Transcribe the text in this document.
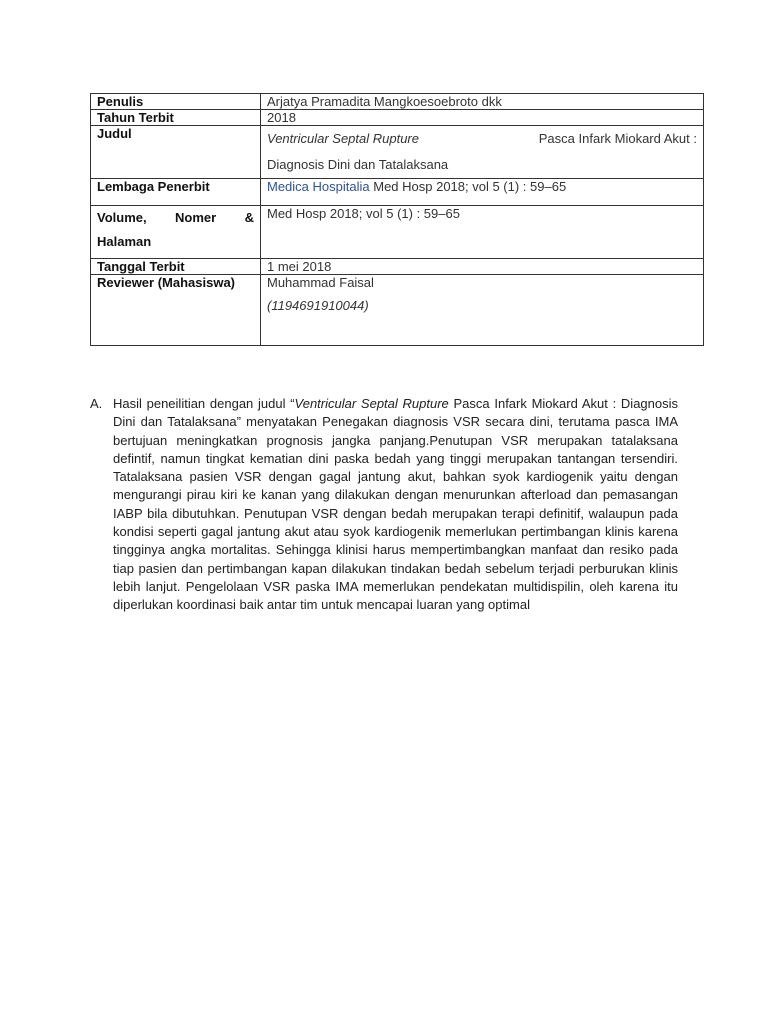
Penulis	Arjatya Pramadita Mangkoesoebroto dkk
Tahun Terbit	2018
Judul	Ventricular Septal Rupture Pasca Infark Miokard Akut :
Diagnosis Dini dan Tatalaksana

Lembaga Penerbit	Medica Hospitalia Med Hosp 2018; vol 5 (1) : 59–65

Volume, Nomer &
Halaman	Med Hosp 2018; vol 5 (1) : 59–65
Tanggal Terbit	1 mei 2018
Reviewer (Mahasiswa)	Muhammad Faisal
(1194691910044)
A. Hasil peneilitian dengan judul “Ventricular Septal Rupture Pasca Infark Miokard Akut : Diagnosis Dini dan Tatalaksana” menyatakan Penegakan diagnosis VSR secara dini, terutama pasca IMA bertujuan meningkatkan prognosis jangka panjang.Penutupan VSR merupakan tatalaksana defintif, namun tingkat kematian dini paska bedah yang tinggi merupakan tantangan tersendiri. Tatalaksana pasien VSR dengan gagal jantung akut, bahkan syok kardiogenik yaitu dengan mengurangi pirau kiri ke kanan yang dilakukan dengan menurunkan afterload dan pemasangan IABP bila dibutuhkan. Penutupan VSR dengan bedah merupakan terapi definitif, walaupun pada kondisi seperti gagal jantung akut atau syok kardiogenik memerlukan pertimbangan klinis karena tingginya angka mortalitas. Sehingga klinisi harus mempertimbangkan manfaat dan resiko pada tiap pasien dan pertimbangan kapan dilakukan tindakan bedah sebelum terjadi perburukan klinis lebih lanjut. Pengelolaan VSR paska IMA memerlukan pendekatan multidispilin, oleh karena itu diperlukan koordinasi baik antar tim untuk mencapai luaran yang optimal
